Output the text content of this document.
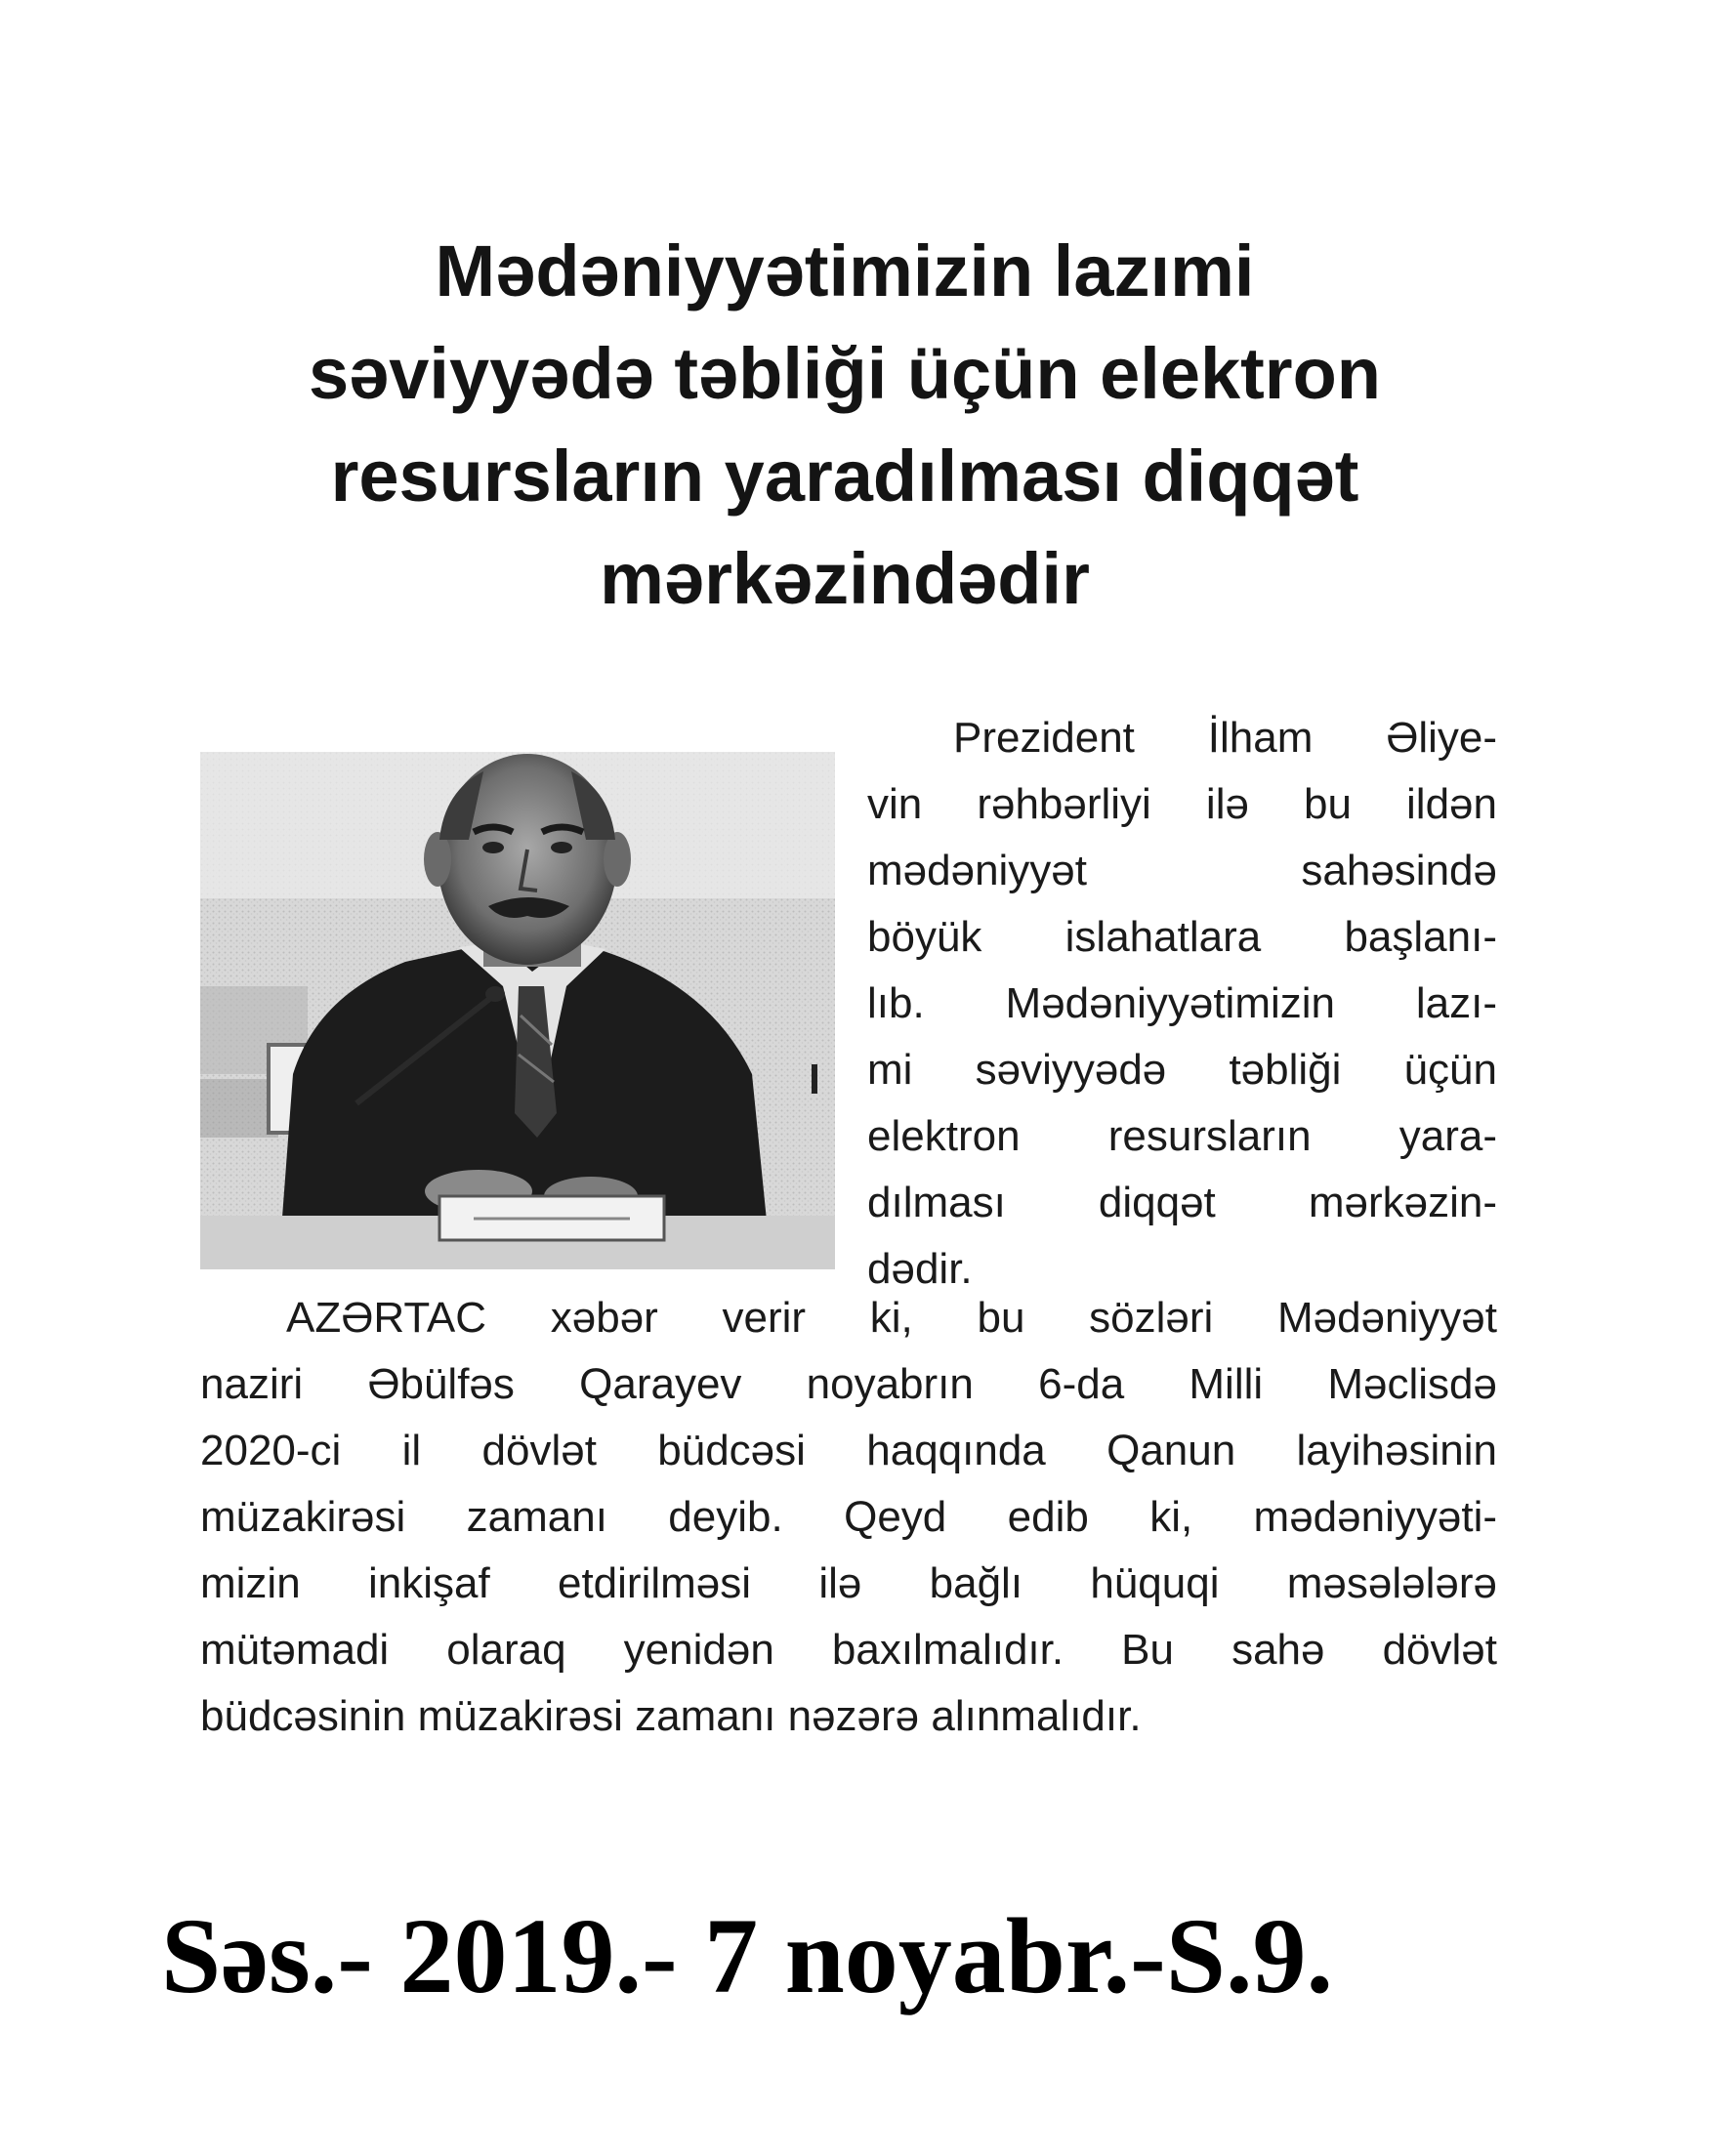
Mədəniyyətimizin lazımi
səviyyədə təbliği üçün elektron
resursların yaradılması diqqət
mərkəzindədir
Prezident İlham Əliye-
vin rəhbərliyi ilə bu ildən
mədəniyyət sahəsində
böyük islahatlara başlanı-
lıb. Mədəniyyətimizin lazı-
mi səviyyədə təbliği üçün
elektron resursların yara-
dılması diqqət mərkəzin-
dədir.
AZƏRTAC xəbər verir ki, bu sözləri Mədəniyyət
naziri Əbülfəs Qarayev noyabrın 6-da Milli Məclisdə
2020-ci il dövlət büdcəsi haqqında Qanun layihəsinin
müzakirəsi zamanı deyib. Qeyd edib ki, mədəniyyəti-
mizin inkişaf etdirilməsi ilə bağlı hüquqi məsələlərə
mütəmadi olaraq yenidən baxılmalıdır. Bu sahə dövlət
büdcəsinin müzakirəsi zamanı nəzərə alınmalıdır.
Səs.- 2019.- 7 noyabr.-S.9.
